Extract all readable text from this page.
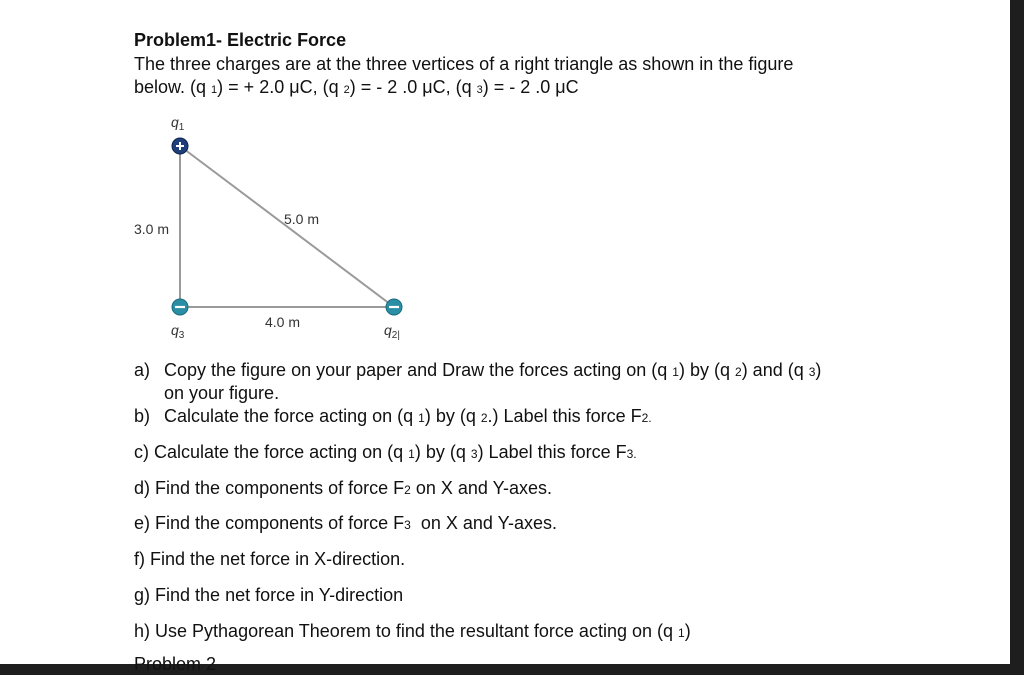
Problem1- Electric Force
The three charges are at the three vertices of a right triangle as shown in the figure
below. (q 1) = + 2.0 μC, (q 2) = - 2 .0 μC, (q 3) = - 2 .0 μC
$q_1$
3.0 m
5.0 m
4.0 m
$q_3$	$q_{2|}$
a) Copy the figure on your paper and Draw the forces acting on (q 1) by (q 2) and (q 3)
on your figure.
b) Calculate the force acting on (q 1) by (q 2.) Label this force F2.
c) Calculate the force acting on (q 1) by (q 3) Label this force F3.
d) Find the components of force F2 on X and Y-axes.
e) Find the components of force F3  on X and Y-axes.
f) Find the net force in X-direction.
g) Find the net force in Y-direction
h) Use Pythagorean Theorem to find the resultant force acting on (q 1)
Problem 2
